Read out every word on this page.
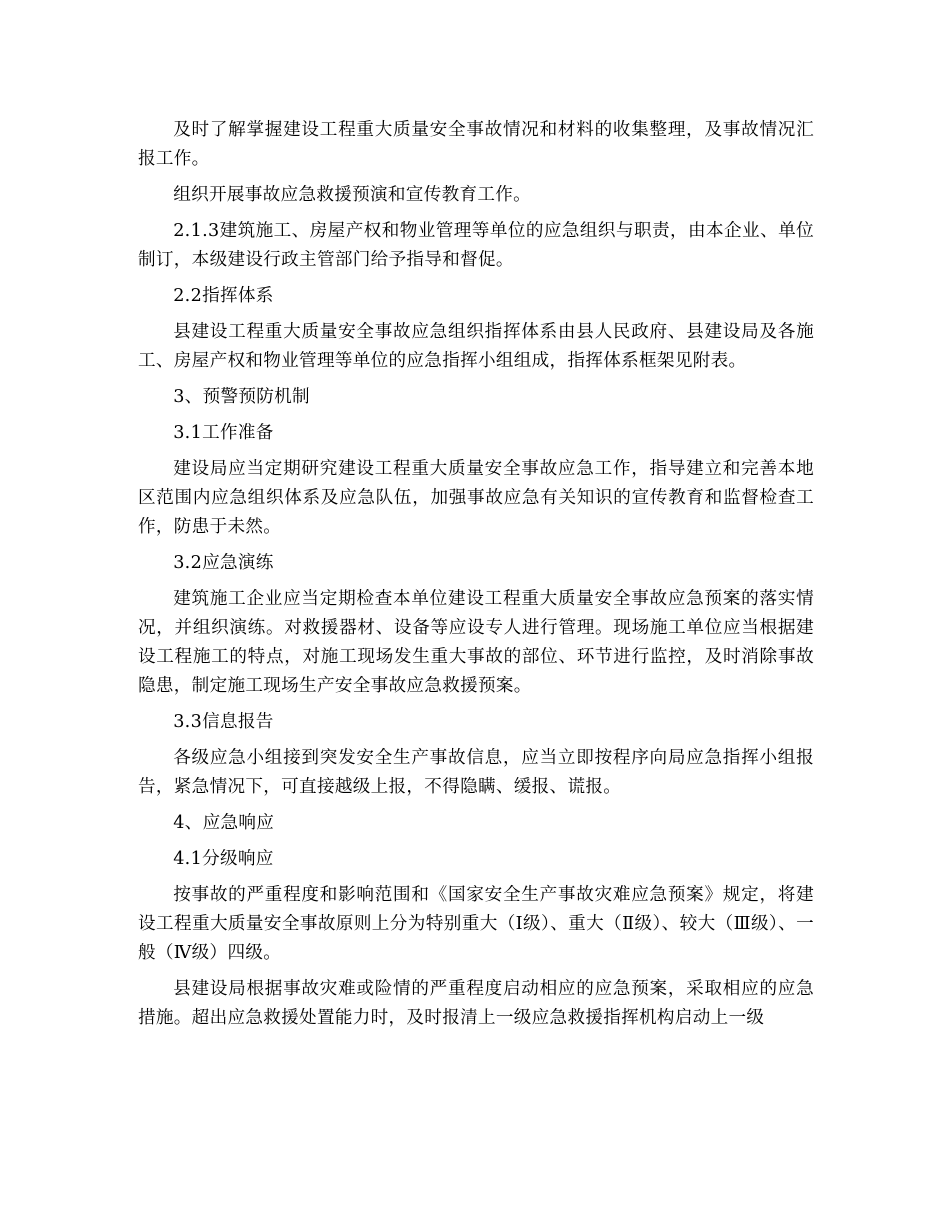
及时了解掌握建设工程重大质量安全事故情况和材料的收集整理，及事故情况汇报工作。

组织开展事故应急救援预演和宣传教育工作。

2.1.3建筑施工、房屋产权和物业管理等单位的应急组织与职责，由本企业、单位制订，本级建设行政主管部门给予指导和督促。

2.2指挥体系

县建设工程重大质量安全事故应急组织指挥体系由县人民政府、县建设局及各施工、房屋产权和物业管理等单位的应急指挥小组组成，指挥体系框架见附表。

3、预警预防机制

3.1工作准备

建设局应当定期研究建设工程重大质量安全事故应急工作，指导建立和完善本地区范围内应急组织体系及应急队伍，加强事故应急有关知识的宣传教育和监督检查工作，防患于未然。

3.2应急演练

建筑施工企业应当定期检查本单位建设工程重大质量安全事故应急预案的落实情况，并组织演练。对救援器材、设备等应设专人进行管理。现场施工单位应当根据建设工程施工的特点，对施工现场发生重大事故的部位、环节进行监控，及时消除事故隐患，制定施工现场生产安全事故应急救援预案。

3.3信息报告

各级应急小组接到突发安全生产事故信息，应当立即按程序向局应急指挥小组报告，紧急情况下，可直接越级上报，不得隐瞒、缓报、谎报。

4、应急响应

4.1分级响应

按事故的严重程度和影响范围和《国家安全生产事故灾难应急预案》规定，将建设工程重大质量安全事故原则上分为特别重大（Ⅰ级）、重大（Ⅱ级）、较大（Ⅲ级）、一般（Ⅳ级）四级。

县建设局根据事故灾难或险情的严重程度启动相应的应急预案，采取相应的应急措施。超出应急救援处置能力时，及时报清上一级应急救援指挥机构启动上一级
